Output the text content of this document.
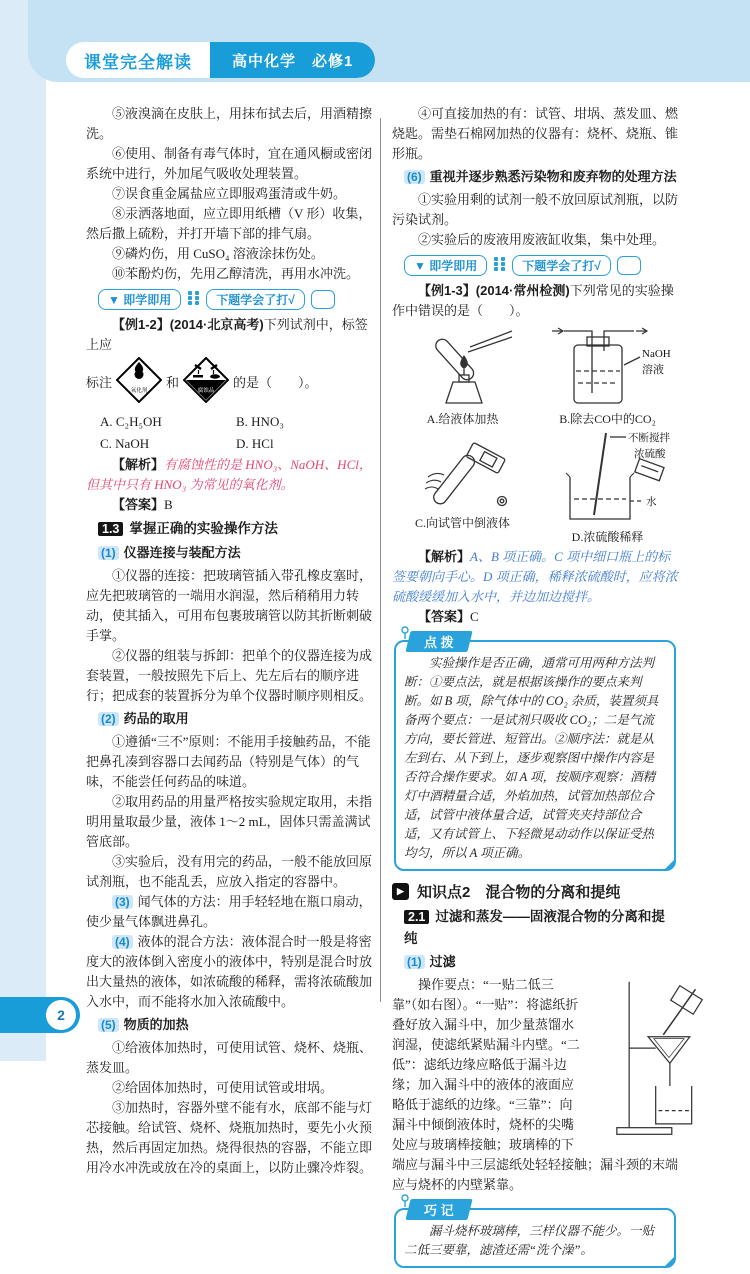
课堂完全解读	高中化学　必修1
2

⑤液溴滴在皮肤上，用抹布拭去后，用酒精擦洗。

⑥使用、制备有毒气体时，宜在通风橱或密闭系统中进行，外加尾气吸收处理装置。

⑦误食重金属盐应立即服鸡蛋清或牛奶。

⑧汞洒落地面，应立即用纸槽（V 形）收集，然后撒上硫粉，并打开墙下部的排气扇。

⑨磷灼伤，用 CuSO₄ 溶液涂抹伤处。

⑩苯酚灼伤，先用乙醇清洗，再用水冲洗。

▼ 即学即用	下题学会了打√

【例1-2】(2014·北京高考)下列试剂中，标签上应

标注
氧化剂
和
腐蚀品
的是（　　）。
A. C₂H₅OH	B. HNO₃
C. NaOH	D. HCl

【解析】有腐蚀性的是 HNO₃、NaOH、HCl，但其中只有 HNO₃ 为常见的氧化剂。

【答案】B

1.3 掌握正确的实验操作方法
(1) 仪器连接与装配方法

①仪器的连接：把玻璃管插入带孔橡皮塞时，应先把玻璃管的一端用水润湿，然后稍稍用力转动，使其插入，可用布包裹玻璃管以防其折断刺破手掌。

②仪器的组装与拆卸：把单个的仪器连接为成套装置，一般按照先下后上、先左后右的顺序进行；把成套的装置拆分为单个仪器时顺序则相反。

(2) 药品的取用

①遵循“三不”原则：不能用手接触药品，不能把鼻孔凑到容器口去闻药品（特别是气体）的气味，不能尝任何药品的味道。

②取用药品的用量严格按实验规定取用，未指明用量取最少量，液体 1～2 mL，固体只需盖满试管底部。

③实验后，没有用完的药品，一般不能放回原试剂瓶，也不能乱丢，应放入指定的容器中。

(3) 闻气体的方法：用手轻轻地在瓶口扇动，使少量气体飘进鼻孔。

(4) 液体的混合方法：液体混合时一般是将密度大的液体倒入密度小的液体中，特别是混合时放出大量热的液体，如浓硫酸的稀释，需将浓硫酸加入水中，而不能将水加入浓硫酸中。

(5) 物质的加热

①给液体加热时，可使用试管、烧杯、烧瓶、蒸发皿。

②给固体加热时，可使用试管或坩埚。

③加热时，容器外壁不能有水，底部不能与灯芯接触。给试管、烧杯、烧瓶加热时，要先小火预热，然后再固定加热。烧得很热的容器，不能立即用冷水冲洗或放在冷的桌面上，以防止骤冷炸裂。

④可直接加热的有：试管、坩埚、蒸发皿、燃烧匙。需垫石棉网加热的仪器有：烧杯、烧瓶、锥形瓶。

(6) 重视并逐步熟悉污染物和废弃物的处理方法

①实验用剩的试剂一般不放回原试剂瓶，以防污染试剂。

②实验后的废液用废液缸收集，集中处理。

▼ 即学即用	下题学会了打√

【例1-3】(2014·常州检测)下列常见的实验操作中错误的是（　　）。

A.给液体加热
NaOH
溶液
B.除去CO中的CO₂
C.向试管中倒液体
不断搅拌
浓硫酸
水
D.浓硫酸稀释

【解析】A、B 项正确。C 项中细口瓶上的标签要朝向手心。D 项正确，稀释浓硫酸时，应将浓硫酸缓缓加入水中，并边加边搅拌。

【答案】C

点 拨

实验操作是否正确，通常可用两种方法判断：①要点法，就是根据该操作的要点来判断。如 B 项，除气体中的 CO₂ 杂质，装置须具备两个要点：一是试剂只吸收 CO₂；二是气流方向，要长管进、短管出。②顺序法：就是从左到右、从下到上，逐步观察图中操作内容是否符合操作要求。如 A 项，按顺序观察：酒精灯中酒精量合适，外焰加热，试管加热部位合适，试管中液体量合适，试管夹夹持部位合适，又有试管上、下轻微晃动动作以保证受热均匀，所以 A 项正确。

▶ 知识点2　混合物的分离和提纯
2.1 过滤和蒸发——固液混合物的分离和提纯
(1) 过滤

操作要点：“一贴二低三靠”（如右图）。“一贴”：将滤纸折叠好放入漏斗中，加少量蒸馏水润湿，使滤纸紧贴漏斗内壁。“二低”：滤纸边缘应略低于漏斗边缘；加入漏斗中的液体的液面应略低于滤纸的边缘。“三靠”：向漏斗中倾倒液体时，烧杯的尖嘴处应与玻璃棒接触；玻璃棒的下端应与漏斗中三层滤纸处轻轻接触；漏斗颈的末端应与烧杯的内壁紧靠。

巧 记

漏斗烧杯玻璃棒，三样仪器不能少。一贴二低三要靠，滤渣还需“洗个澡”。
